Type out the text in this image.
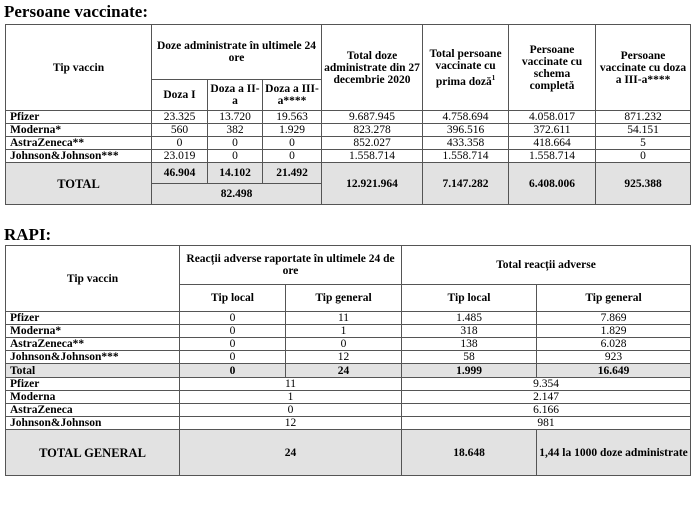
Persoane vaccinate:
Tip vaccin	Doze administrate în ultimele 24 ore			Total doze administrate din 27 decembrie 2020	Total persoane vaccinate cu prima doză$^1$	Persoane vaccinate cu schema completă	Persoane vaccinate cu doza a III-a****
	Doza I	Doza a II-a	Doza a III-a****				
Pfizer	23.325	13.720	19.563	9.687.945	4.758.694	4.058.017	871.232
Moderna*	560	382	1.929	823.278	396.516	372.611	54.151
AstraZeneca**	0	0	0	852.027	433.358	418.664	5
Johnson&Johnson***	23.019	0	0	1.558.714	1.558.714	1.558.714	0
TOTAL	46.904	14.102	21.492	12.921.964	7.147.282	6.408.006	925.388
	82.498						
RAPI:
Tip vaccin	Reacții adverse raportate în ultimele 24 de ore		Total reacții adverse	
	Tip local	Tip general	Tip local	Tip general
Pfizer	0	11	1.485	7.869
Moderna*	0	1	318	1.829
AstraZeneca**	0	0	138	6.028
Johnson&Johnson***	0	12	58	923
Total	0	24	1.999	16.649
Pfizer	11		9.354	
Moderna	1		2.147	
AstraZeneca	0		6.166	
Johnson&Johnson	12		981	
TOTAL GENERAL	24		18.648	1,44 la 1000 doze administrate
